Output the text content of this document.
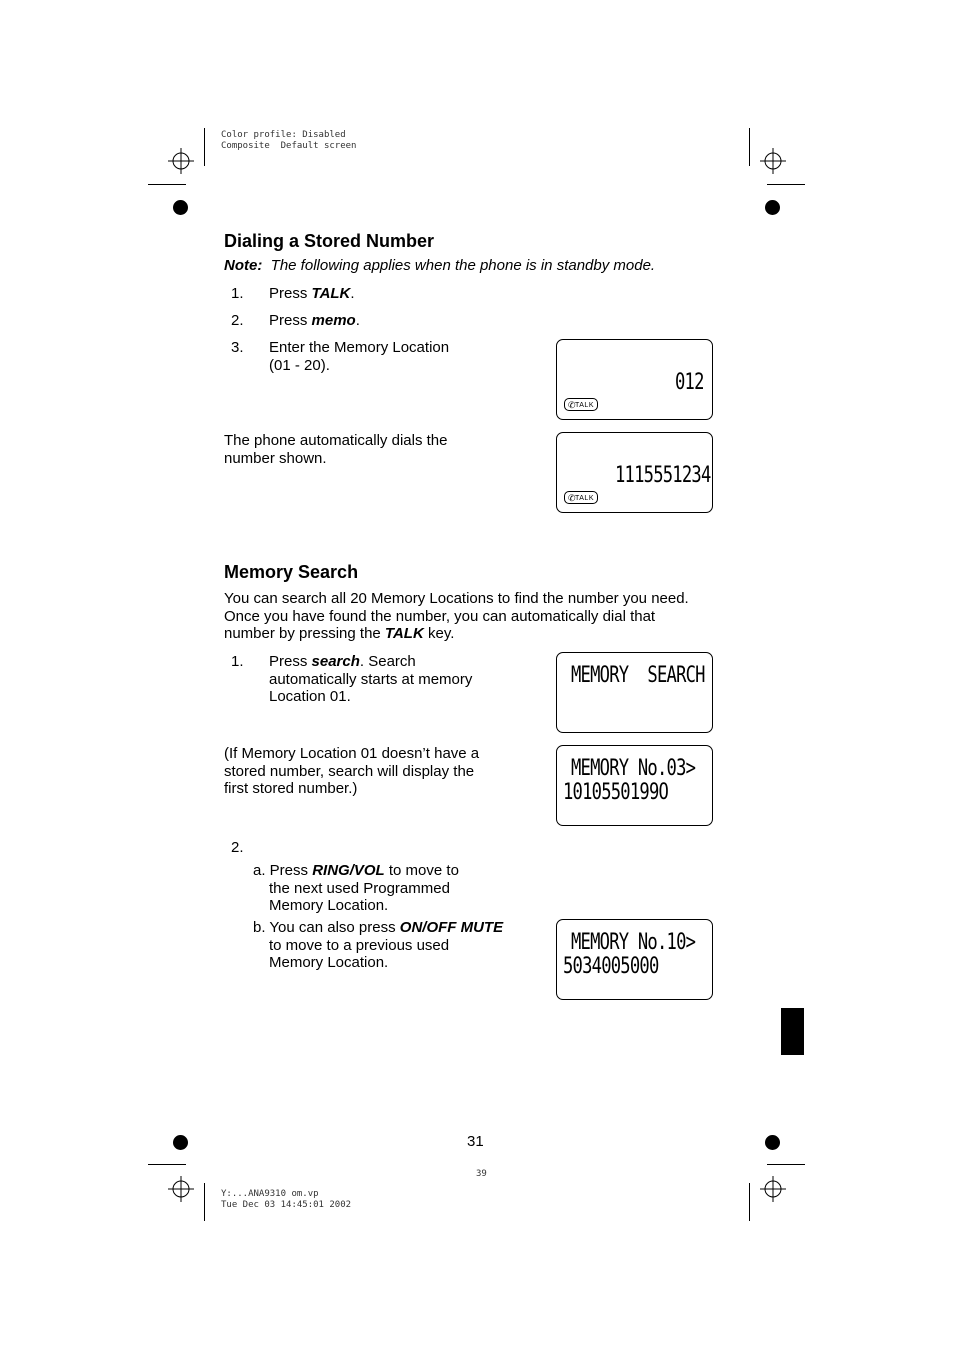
Color profile: Disabled
Composite  Default screen
Y:...ANA9310 om.vp
Tue Dec 03 14:45:01 2002
39
Dialing a Stored Number
Note: The following applies when the phone is in standby mode.
1. Press TALK.
2. Press memo.
3. Enter the Memory Location
(01 - 20).
The phone automatically dials the
number shown.
012
✆
TALK
1115551234
✆
TALK
Memory Search
You can search all 20 Memory Locations to find the number you need.
Once you have found the number, you can automatically dial that
number by pressing the TALK key.
1. Press search. Search
automatically starts at memory
Location 01.
(If Memory Location 01 doesn’t have a
stored number, search will display the
first stored number.)
MEMORY  SEARCH
MEMORY No.03>
1010550199O
2.
a. Press RING/VOL to move to
the next used Programmed
Memory Location.
b. You can also press ON/OFF MUTE
to move to a previous used
Memory Location.
MEMORY No.10>
5034005000
31
